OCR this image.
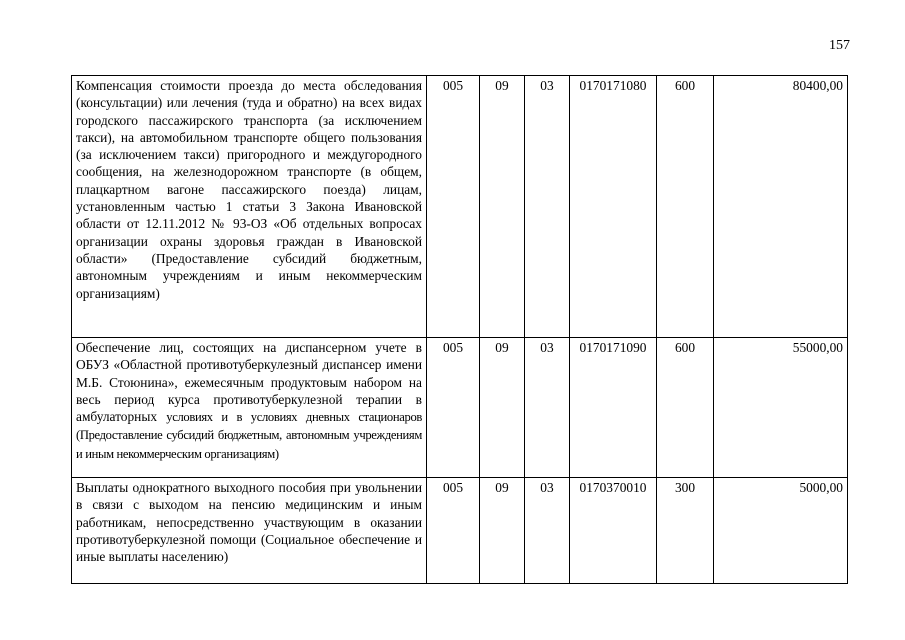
157
Компенсация стоимости проезда до места обследования (консультации) или лечения (туда и обратно) на всех видах городского пассажирского транспорта (за исключением такси), на автомобильном транспорте общего пользования (за исключением такси) пригородного и междугородного сообщения, на железнодорожном транспорте (в общем, плацкартном вагоне пассажирского поезда) лицам, установленным частью 1 статьи 3 Закона Ивановской области от 12.11.2012 № 93-ОЗ «Об отдельных вопросах организации охраны здоровья граждан в Ивановской области» (Предоставление субсидий бюджетным, автономным учреждениям и иным некоммерческим организациям)	005	09	03	0170171080	600	80400,00
Обеспечение лиц, состоящих на диспансерном учете в ОБУЗ «Областной противотуберкулезный диспансер имени М.Б. Стоюнина», ежемесячным продуктовым набором на весь период курса противотуберкулезной терапии в амбулаторных условиях и в условиях дневных стационаров (Предоставление субсидий бюджетным, автономным учреждениям и иным некоммерческим организациям)	005	09	03	0170171090	600	55000,00
Выплаты однократного выходного пособия при увольнении в связи с выходом на пенсию медицинским и иным работникам, непосредственно участвующим в оказании противотуберкулезной помощи (Социальное обеспечение и иные выплаты населению)	005	09	03	0170370010	300	5000,00
